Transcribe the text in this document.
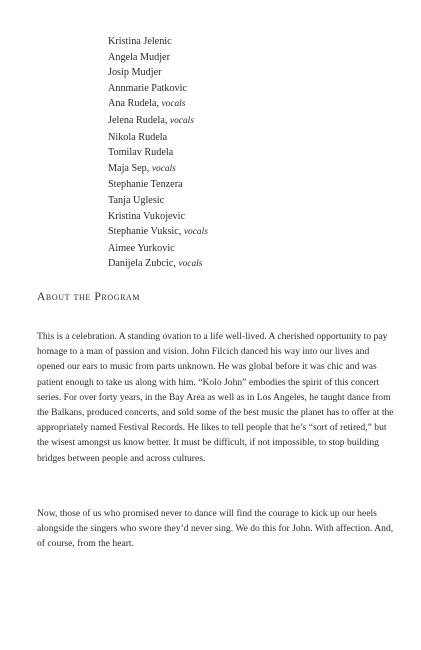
Kristina Jelenic
Angela Mudjer
Josip Mudjer
Annmarie Patkovic
Ana Rudela, vocals
Jelena Rudela, vocals
Nikola Rudela
Tomilav Rudela
Maja Sep, vocals
Stephanie Tenzera
Tanja Uglesic
Kristina Vukojevic
Stephanie Vuksic, vocals
Aimee Yurkovic
Danijela Zubcic, vocals
About the Program

This is a celebration. A standing ovation to a life well-lived. A cherished opportunity to pay homage to a man of passion and vision. John Filcich danced his way into our lives and opened our ears to music from parts unknown. He was global before it was chic and was patient enough to take us along with him. “Kolo John” embodies the spirit of this concert series. For over forty years, in the Bay Area as well as in Los Angeles, he taught dance from the Balkans, produced concerts, and sold some of the best music the planet has to offer at the appropriately named Festival Records. He likes to tell people that he’s “sort of retired,” but the wisest amongst us know better. It must be difficult, if not impossible, to stop building bridges between people and across cultures.

Now, those of us who promised never to dance will find the courage to kick up our heels alongside the singers who swore they’d never sing. We do this for John. With affection. And, of course, from the heart.
